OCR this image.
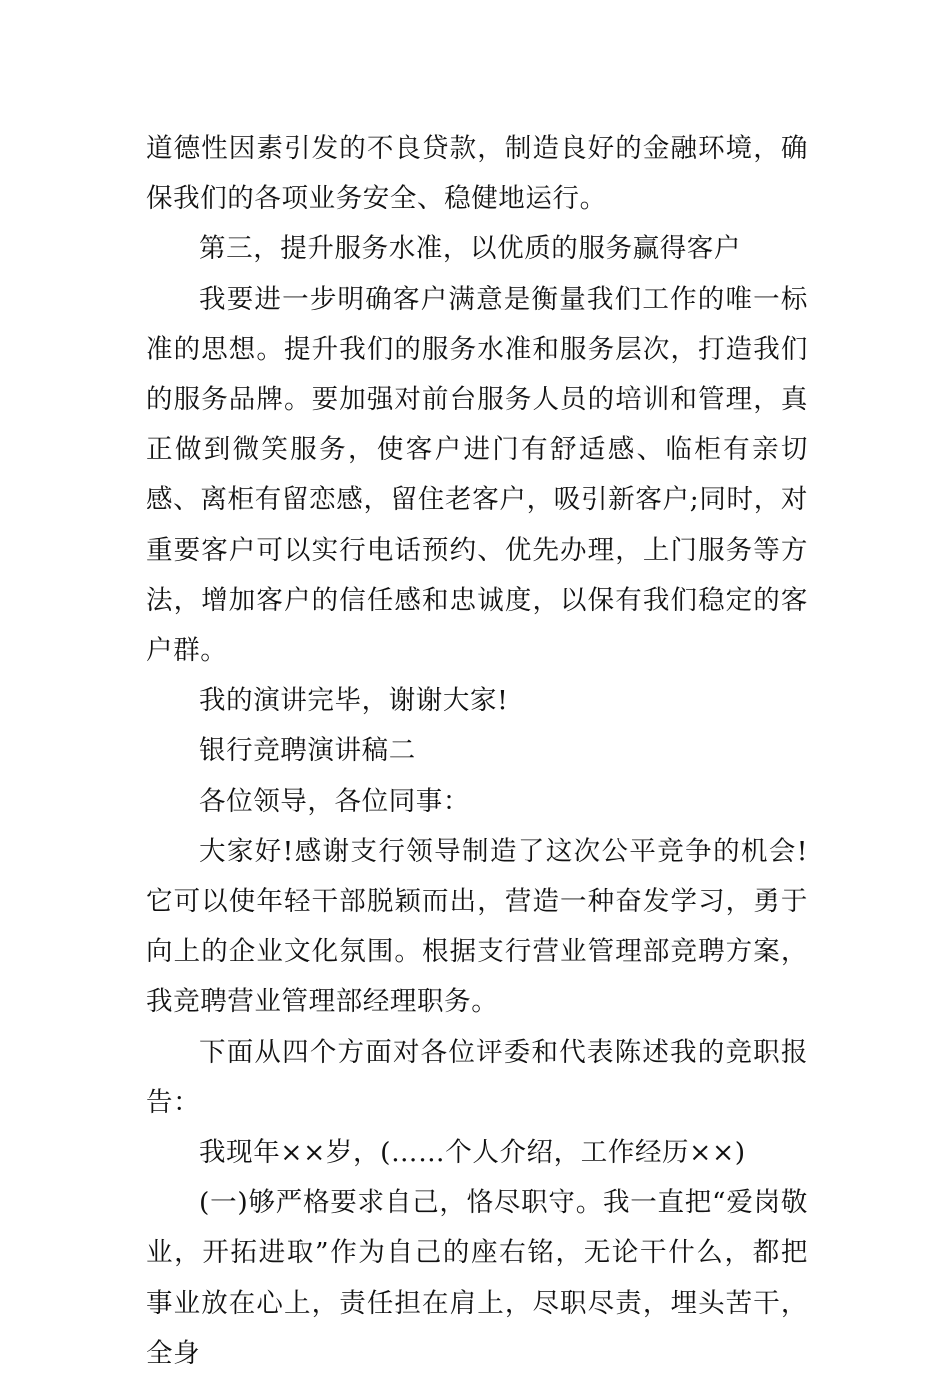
道德性因素引发的不良贷款，制造良好的金融环境，确保我们的各项业务安全、稳健地运行。

第三，提升服务水准，以优质的服务赢得客户

我要进一步明确客户满意是衡量我们工作的唯一标准的思想。提升我们的服务水准和服务层次，打造我们的服务品牌。要加强对前台服务人员的培训和管理，真正做到微笑服务，使客户进门有舒适感、临柜有亲切感、离柜有留恋感，留住老客户，吸引新客户;同时，对重要客户可以实行电话预约、优先办理，上门服务等方法，增加客户的信任感和忠诚度，以保有我们稳定的客户群。

我的演讲完毕，谢谢大家!

银行竞聘演讲稿二

各位领导，各位同事：

大家好!感谢支行领导制造了这次公平竞争的机会!它可以使年轻干部脱颖而出，营造一种奋发学习，勇于向上的企业文化氛围。根据支行营业管理部竞聘方案，我竞聘营业管理部经理职务。

下面从四个方面对各位评委和代表陈述我的竞职报告：

我现年××岁，(……个人介绍，工作经历××)

(一)够严格要求自己，恪尽职守。我一直把“爱岗敬业，开拓进取”作为自己的座右铭，无论干什么，都把事业放在心上，责任担在肩上，尽职尽责，埋头苦干，全身
